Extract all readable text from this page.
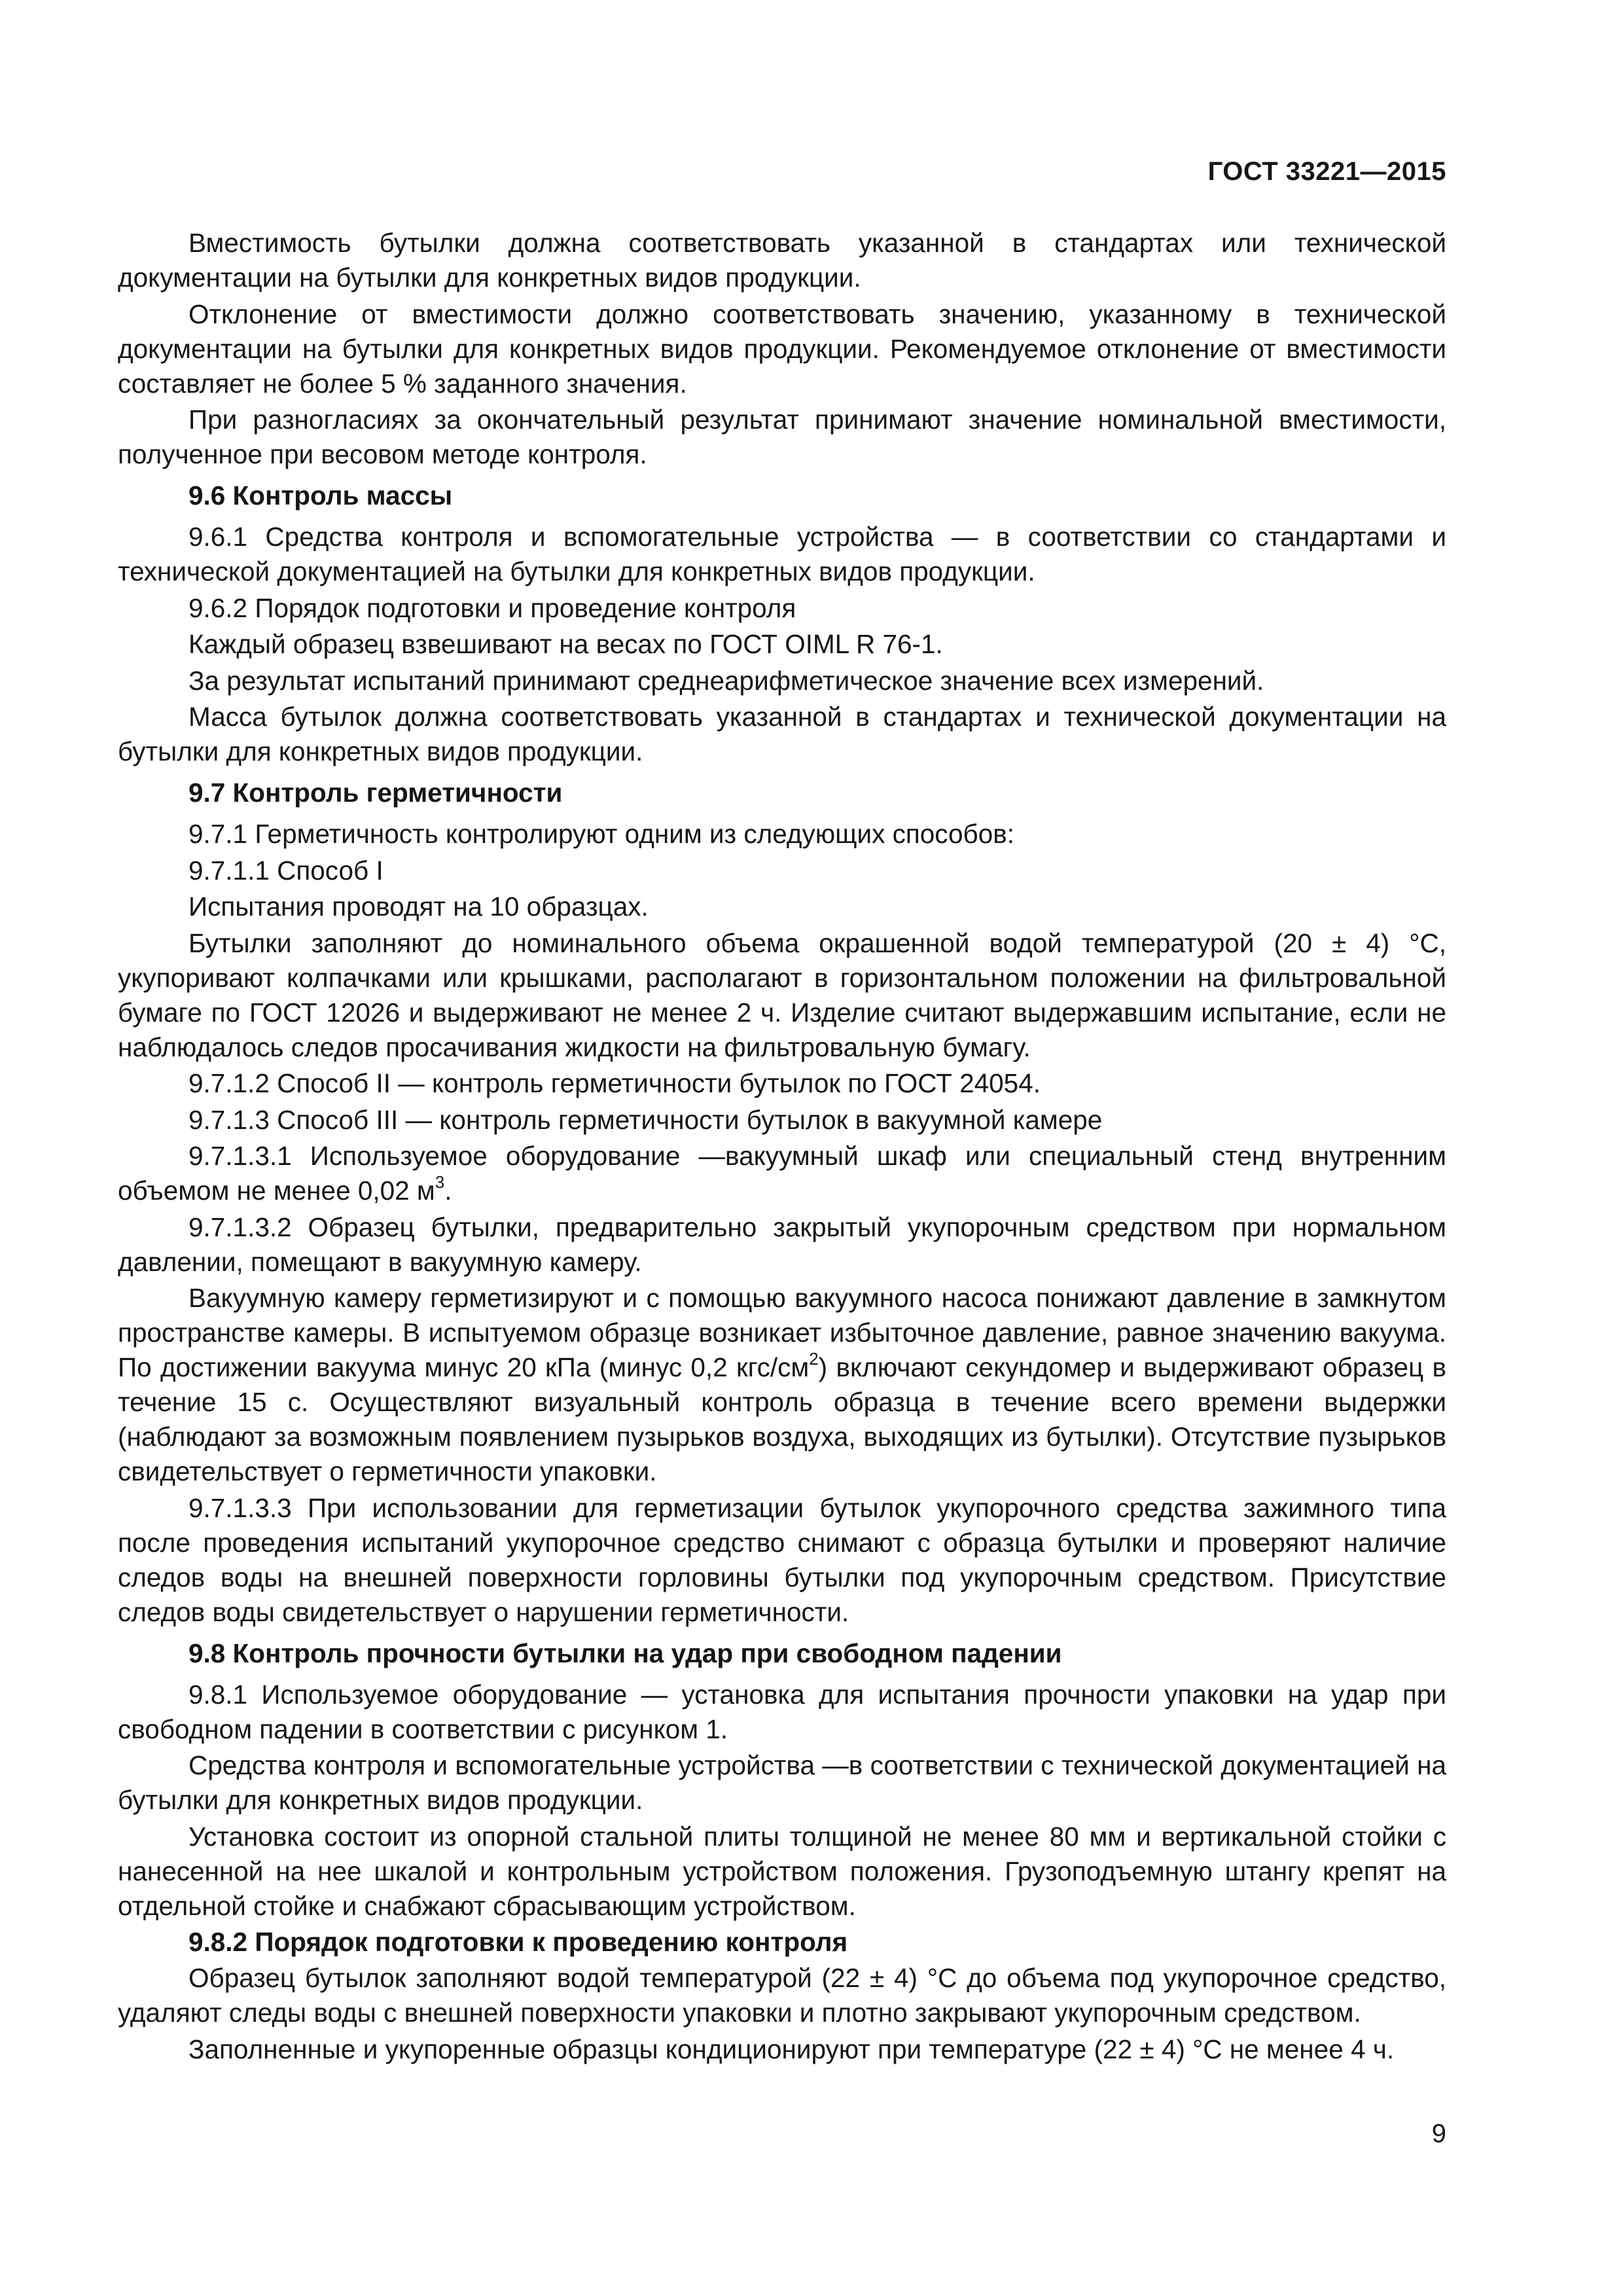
ГОСТ 33221—2015

Вместимость бутылки должна соответствовать указанной в стандартах или технической документации на бутылки для конкретных видов продукции.

Отклонение от вместимости должно соответствовать значению, указанному в технической документации на бутылки для конкретных видов продукции. Рекомендуемое отклонение от вместимости составляет не более 5 % заданного значения.

При разногласиях за окончательный результат принимают значение номинальной вместимости, полученное при весовом методе контроля.

9.6 Контроль массы

9.6.1 Средства контроля и вспомогательные устройства — в соответствии со стандартами и технической документацией на бутылки для конкретных видов продукции.

9.6.2 Порядок подготовки и проведение контроля

Каждый образец взвешивают на весах по ГОСТ OIML R 76-1.

За результат испытаний принимают среднеарифметическое значение всех измерений.

Масса бутылок должна соответствовать указанной в стандартах и технической документации на бутылки для конкретных видов продукции.

9.7 Контроль герметичности

9.7.1 Герметичность контролируют одним из следующих способов:

9.7.1.1 Способ I

Испытания проводят на 10 образцах.

Бутылки заполняют до номинального объема окрашенной водой температурой (20 ± 4) °С, укупоривают колпачками или крышками, располагают в горизонтальном положении на фильтровальной бумаге по ГОСТ 12026 и выдерживают не менее 2 ч. Изделие считают выдержавшим испытание, если не наблюдалось следов просачивания жидкости на фильтровальную бумагу.

9.7.1.2 Способ II — контроль герметичности бутылок по ГОСТ 24054.

9.7.1.3 Способ III — контроль герметичности бутылок в вакуумной камере

9.7.1.3.1 Используемое оборудование —вакуумный шкаф или специальный стенд внутренним объемом не менее 0,02 $м^3$.

9.7.1.3.2 Образец бутылки, предварительно закрытый укупорочным средством при нормальном давлении, помещают в вакуумную камеру.

Вакуумную камеру герметизируют и с помощью вакуумного насоса понижают давление в замкнутом пространстве камеры. В испытуемом образце возникает избыточное давление, равное значению вакуума. По достижении вакуума минус 20 кПа (минус 0,2 кгс/$см^2$) включают секундомер и выдерживают образец в течение 15 с. Осуществляют визуальный контроль образца в течение всего времени выдержки (наблюдают за возможным появлением пузырьков воздуха, выходящих из бутылки). Отсутствие пузырьков свидетельствует о герметичности упаковки.

9.7.1.3.3 При использовании для герметизации бутылок укупорочного средства зажимного типа после проведения испытаний укупорочное средство снимают с образца бутылки и проверяют наличие следов воды на внешней поверхности горловины бутылки под укупорочным средством. Присутствие следов воды свидетельствует о нарушении герметичности.

9.8 Контроль прочности бутылки на удар при свободном падении

9.8.1 Используемое оборудование — установка для испытания прочности упаковки на удар при свободном падении в соответствии с рисунком 1.

Средства контроля и вспомогательные устройства —в соответствии с технической документацией на бутылки для конкретных видов продукции.

Установка состоит из опорной стальной плиты толщиной не менее 80 мм и вертикальной стойки с нанесенной на нее шкалой и контрольным устройством положения. Грузоподъемную штангу крепят на отдельной стойке и снабжают сбрасывающим устройством.

9.8.2 Порядок подготовки к проведению контроля

Образец бутылок заполняют водой температурой (22 ± 4) °С до объема под укупорочное средство, удаляют следы воды с внешней поверхности упаковки и плотно закрывают укупорочным средством.

Заполненные и укупоренные образцы кондиционируют при температуре (22 ± 4) °С не менее 4 ч.

9
